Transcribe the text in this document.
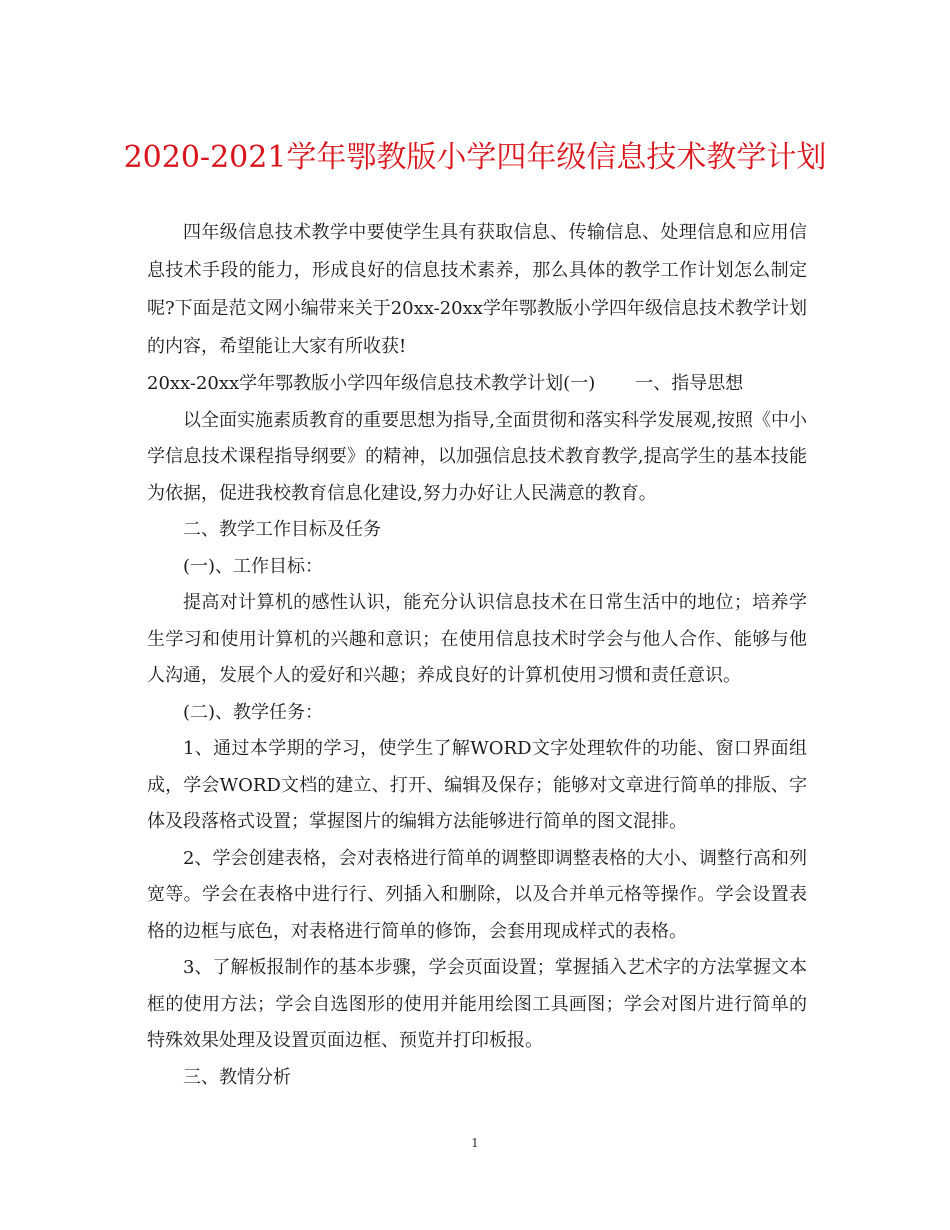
2020-2021学年鄂教版小学四年级信息技术教学计划

四年级信息技术教学中要使学生具有获取信息、传输信息、处理信息和应用信息技术手段的能力，形成良好的信息技术素养，那么具体的教学工作计划怎么制定呢?下面是范文网小编带来关于20xx-20xx学年鄂教版小学四年级信息技术教学计划的内容，希望能让大家有所收获!

20xx-20xx学年鄂教版小学四年级信息技术教学计划(一) 一、指导思想

以全面实施素质教育的重要思想为指导,全面贯彻和落实科学发展观,按照《中小学信息技术课程指导纲要》的精神，以加强信息技术教育教学,提高学生的基本技能为依据，促进我校教育信息化建设,努力办好让人民满意的教育。

二、教学工作目标及任务

(一)、工作目标：

提高对计算机的感性认识，能充分认识信息技术在日常生活中的地位；培养学生学习和使用计算机的兴趣和意识；在使用信息技术时学会与他人合作、能够与他人沟通，发展个人的爱好和兴趣；养成良好的计算机使用习惯和责任意识。

(二)、教学任务：

1、通过本学期的学习，使学生了解WORD文字处理软件的功能、窗口界面组成，学会WORD文档的建立、打开、编辑及保存；能够对文章进行简单的排版、字体及段落格式设置；掌握图片的编辑方法能够进行简单的图文混排。

2、学会创建表格，会对表格进行简单的调整即调整表格的大小、调整行高和列宽等。学会在表格中进行行、列插入和删除，以及合并单元格等操作。学会设置表格的边框与底色，对表格进行简单的修饰，会套用现成样式的表格。

3、了解板报制作的基本步骤，学会页面设置；掌握插入艺术字的方法掌握文本框的使用方法；学会自选图形的使用并能用绘图工具画图；学会对图片进行简单的特殊效果处理及设置页面边框、预览并打印板报。

三、教情分析

1
